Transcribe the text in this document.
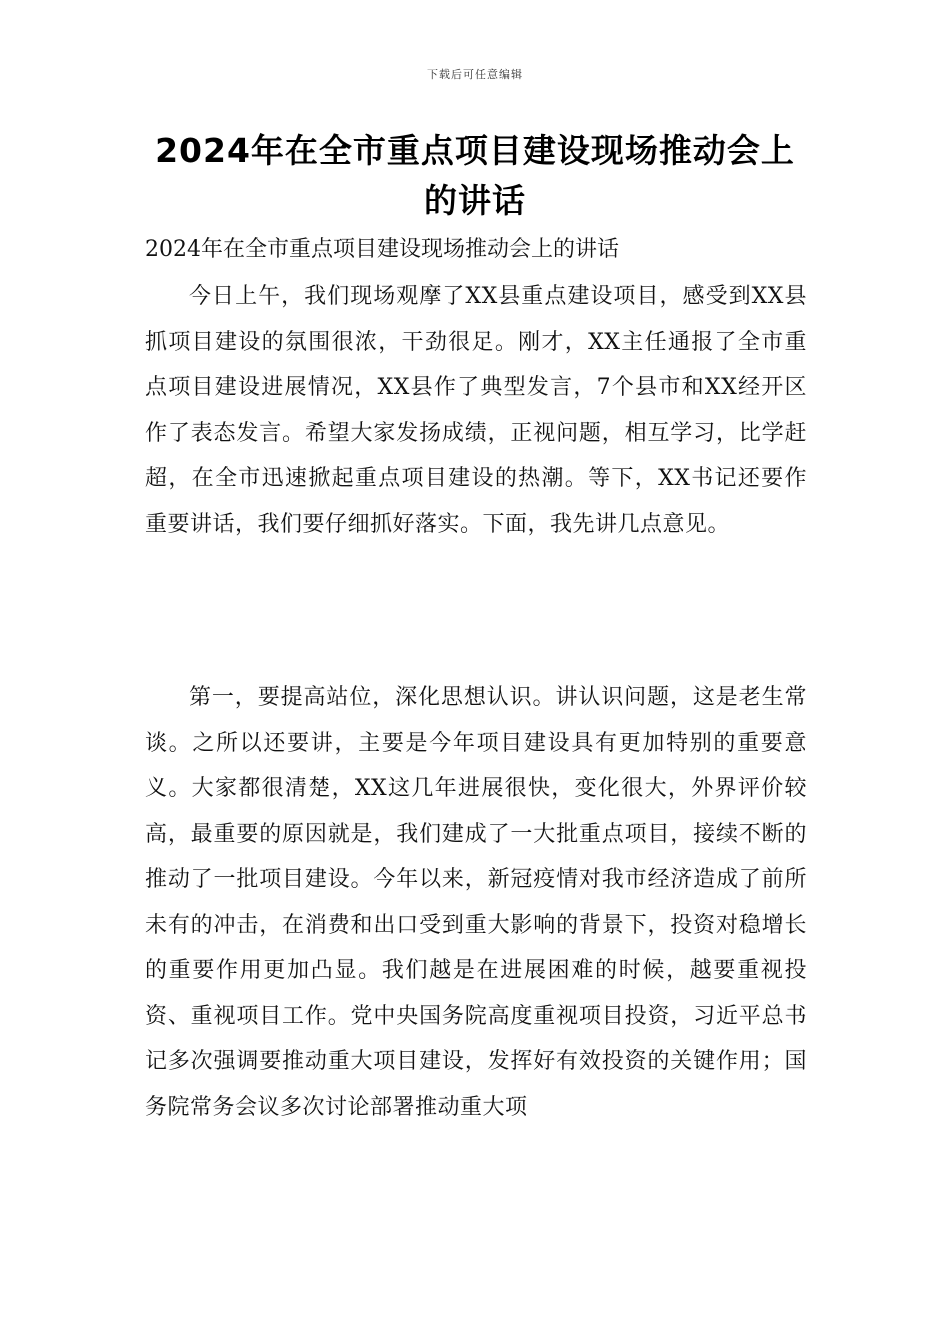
下载后可任意编辑
2024年在全市重点项目建设现场推动会上的讲话
2024年在全市重点项目建设现场推动会上的讲话

今日上午，我们现场观摩了XX县重点建设项目，感受到XX县抓项目建设的氛围很浓，干劲很足。刚才，XX主任通报了全市重点项目建设进展情况，XX县作了典型发言，7个县市和XX经开区作了表态发言。希望大家发扬成绩，正视问题，相互学习，比学赶超，在全市迅速掀起重点项目建设的热潮。等下，XX书记还要作重要讲话，我们要仔细抓好落实。下面，我先讲几点意见。

第一，要提高站位，深化思想认识。讲认识问题，这是老生常谈。之所以还要讲，主要是今年项目建设具有更加特别的重要意义。大家都很清楚，XX这几年进展很快，变化很大，外界评价较高，最重要的原因就是，我们建成了一大批重点项目，接续不断的推动了一批项目建设。今年以来，新冠疫情对我市经济造成了前所未有的冲击，在消费和出口受到重大影响的背景下，投资对稳增长的重要作用更加凸显。我们越是在进展困难的时候，越要重视投资、重视项目工作。党中央国务院高度重视项目投资，习近平总书记多次强调要推动重大项目建设，发挥好有效投资的关键作用；国务院常务会议多次讨论部署推动重大项
